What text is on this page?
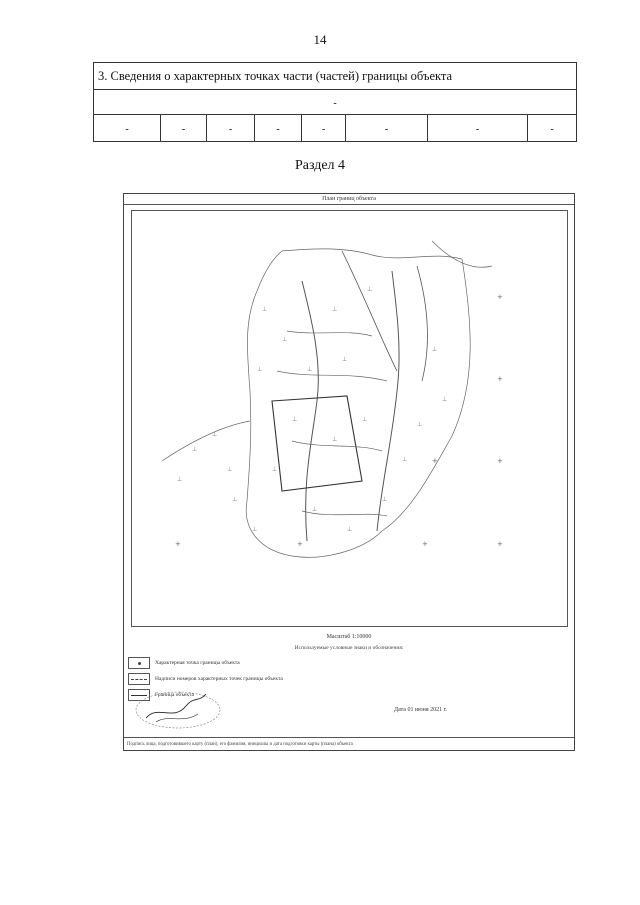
14
3. Сведения о характерных точках части (частей) границы объекта
-
-	-	-	-	-	-	-	-
Раздел 4
План границ объекта
⊥
⊥
⊥
⊥
⊥
⊥
⊥
⊥
⊥
⊥
⊥
⊥
⊥
⊥
⊥
⊥
⊥
⊥
⊥
⊥
⊥
⊥
⊥
⊥
+	+	+	+
+	+
+
+
Масштаб 1:10000
Используемые условные знаки и обозначения:
Характерная точка границы объекта
Надписи номеров характерных точек границы объекта
Граница объекта
Дата 01 июня 2021 г.
Подпись лица, подготовившего карту (план), его фамилия, инициалы и дата подготовки карты (плана) объекта
